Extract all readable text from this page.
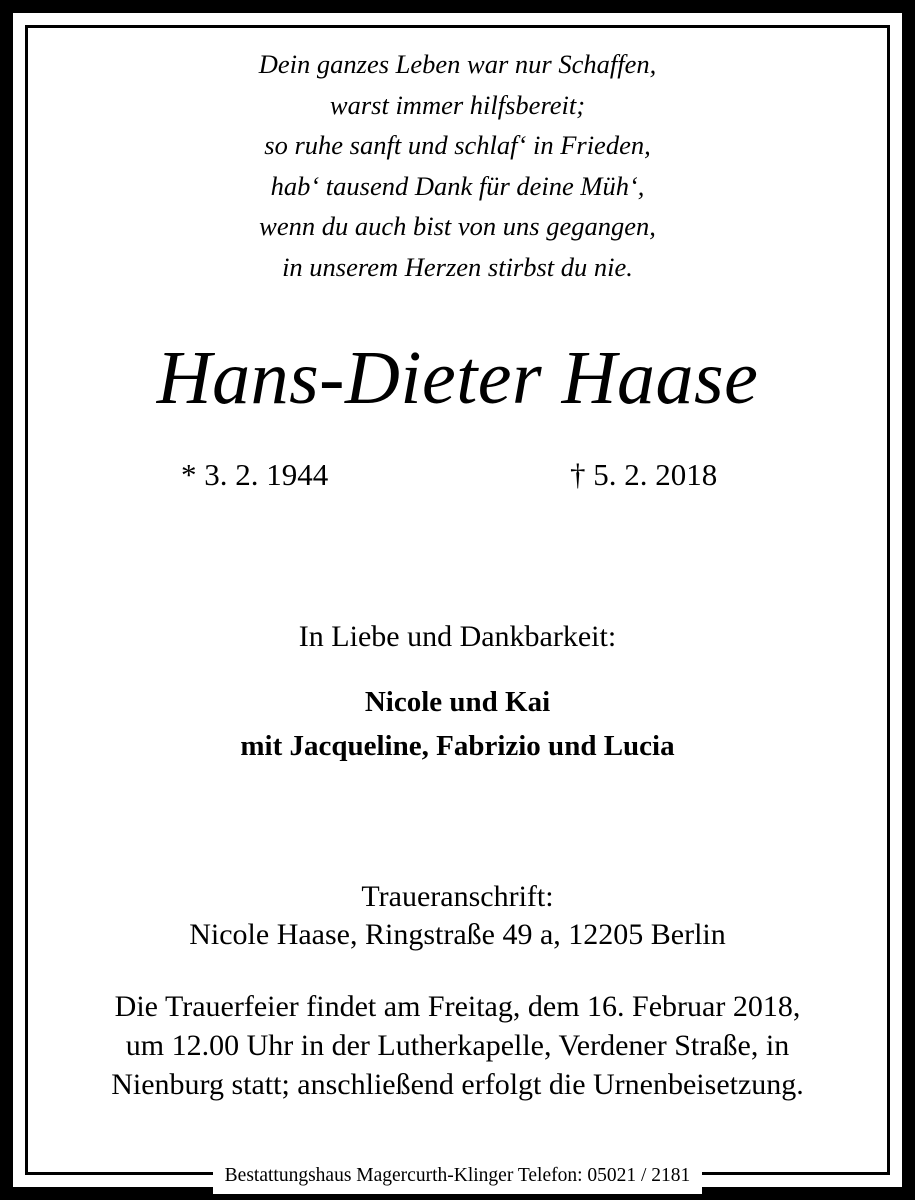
Dein ganzes Leben war nur Schaffen,
warst immer hilfsbereit;
so ruhe sanft und schlaf‘ in Frieden,
hab‘ tausend Dank für deine Müh‘,
wenn du auch bist von uns gegangen,
in unserem Herzen stirbst du nie.
Hans-Dieter Haase
* 3. 2. 1944	† 5. 2. 2018
In Liebe und Dankbarkeit:
Nicole und Kai
mit Jacqueline, Fabrizio und Lucia
Traueranschrift:
Nicole Haase, Ringstraße 49 a, 12205 Berlin
Die Trauerfeier findet am Freitag, dem 16. Februar 2018,
um 12.00 Uhr in der Lutherkapelle, Verdener Straße, in
Nienburg statt; anschließend erfolgt die Urnenbeisetzung.
Bestattungshaus Magercurth-Klinger Telefon: 05021 / 2181
